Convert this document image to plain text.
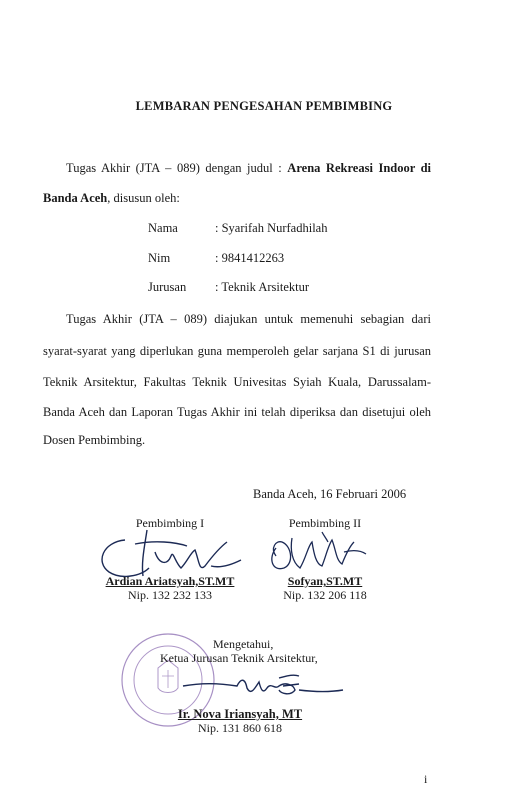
LEMBARAN PENGESAHAN PEMBIMBING
Tugas Akhir (JTA – 089) dengan judul : Arena Rekreasi Indoor di
Banda Aceh, disusun oleh:
Nama	: Syarifah Nurfadhilah
Nim	: 9841412263
Jurusan : Teknik Arsitektur
Tugas Akhir (JTA – 089) diajukan untuk memenuhi sebagian dari
syarat-syarat yang diperlukan guna memperoleh gelar sarjana S1 di jurusan
Teknik Arsitektur, Fakultas Teknik Univesitas Syiah Kuala, Darussalam-
Banda Aceh dan Laporan Tugas Akhir ini telah diperiksa dan disetujui oleh
Dosen Pembimbing.
Banda Aceh, 16 Februari 2006
Pembimbing I
Ardian Ariatsyah,ST.MT
Nip. 132 232 133
Pembimbing II
Sofyan,ST.MT
Nip. 132 206 118
Mengetahui,
Ketua Jurusan Teknik Arsitektur,
Ir. Nova Iriansyah, MT
Nip. 131 860 618
i
